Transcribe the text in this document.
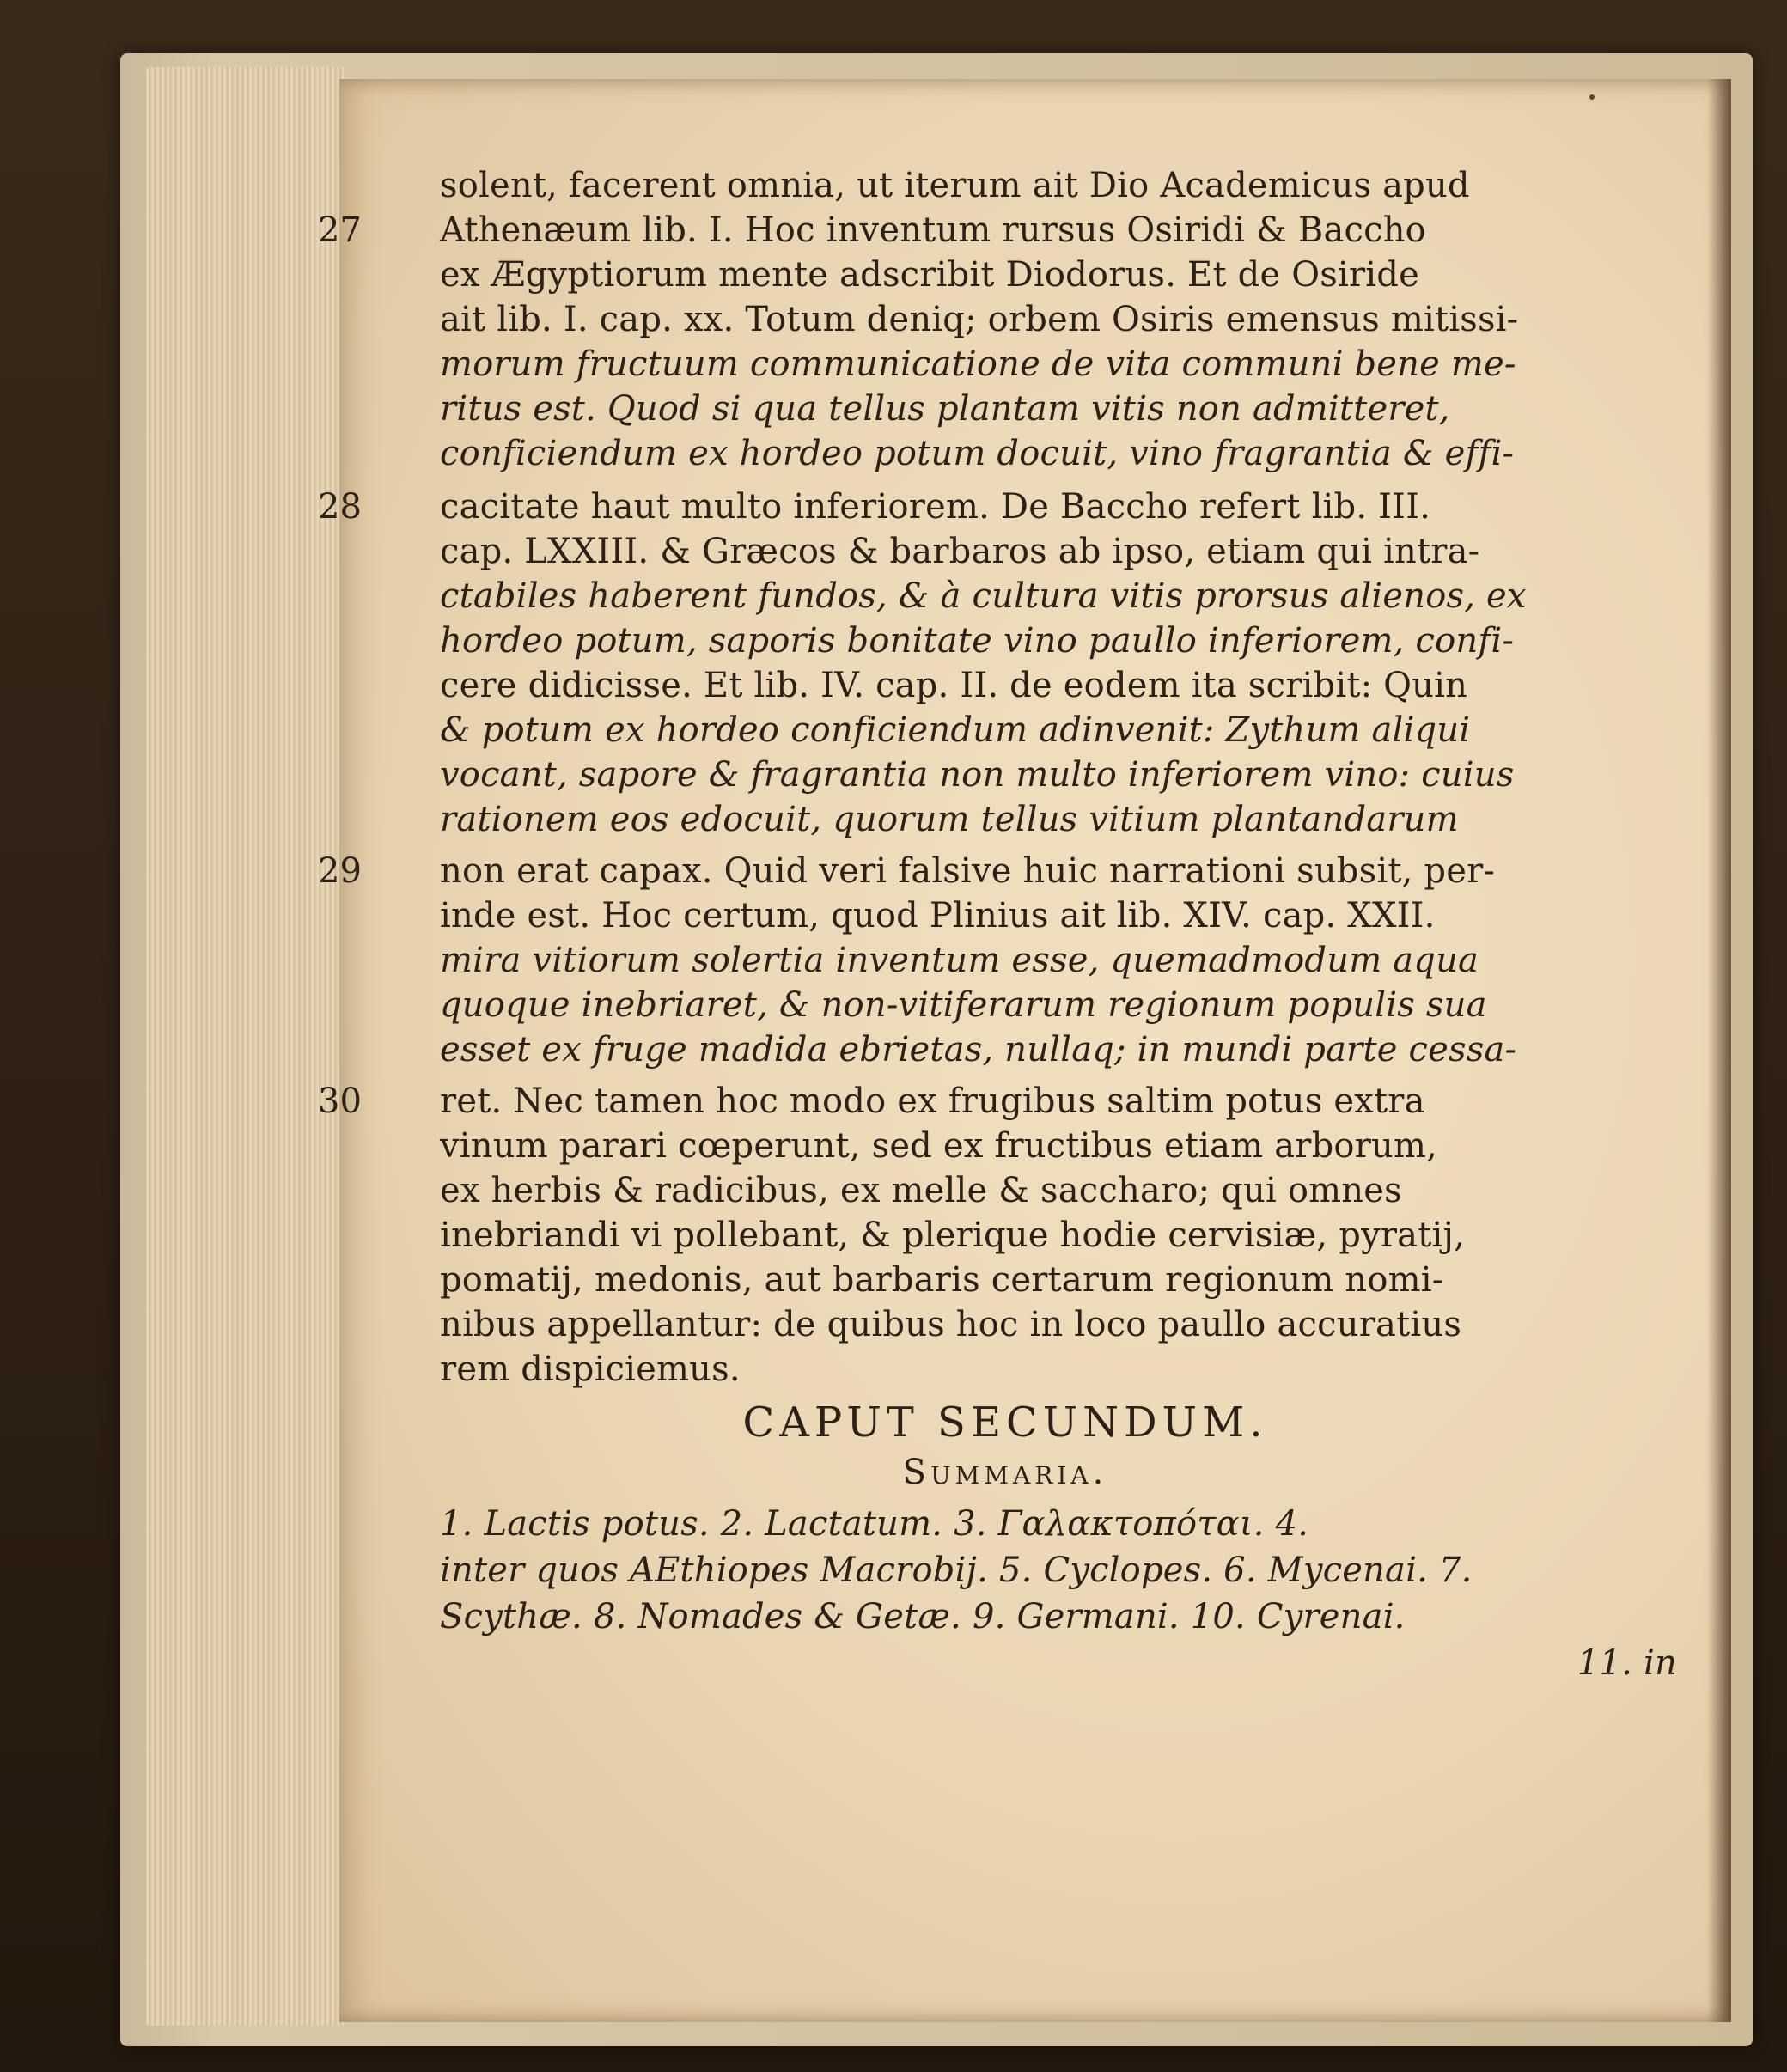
solent, facerent omnia, ut iterum ait Dio Academicus apud
27	Athenæum lib. I. Hoc inventum rursus Osiridi & Baccho
ex Ægyptiorum mente adscribit Diodorus. Et de Osiride
ait lib. I. cap. xx. Totum deniq; orbem Osiris emensus mitissi-
morum fructuum communicatione de vita communi bene me-
ritus est. Quod si qua tellus plantam vitis non admitteret,
conficiendum ex hordeo potum docuit, vino fragrantia & effi-
28	cacitate haut multo inferiorem. De Baccho refert lib. III.
cap. LXXIII. & Græcos & barbaros ab ipso, etiam qui intra-
ctabiles haberent fundos, & à cultura vitis prorsus alienos, ex
hordeo potum, saporis bonitate vino paullo inferiorem, confi-
cere didicisse. Et lib. IV. cap. II. de eodem ita scribit: Quin
& potum ex hordeo conficiendum adinvenit: Zythum aliqui
vocant, sapore & fragrantia non multo inferiorem vino: cuius
rationem eos edocuit, quorum tellus vitium plantandarum
29	non erat capax. Quid veri falsive huic narrationi subsit, per-
inde est. Hoc certum, quod Plinius ait lib. XIV. cap. XXII.
mira vitiorum solertia inventum esse, quemadmodum aqua
quoque inebriaret, & non-vitiferarum regionum populis sua
esset ex fruge madida ebrietas, nullaq; in mundi parte cessa-
30	ret. Nec tamen hoc modo ex frugibus saltim potus extra
vinum parari cœperunt, sed ex fructibus etiam arborum,
ex herbis & radicibus, ex melle & saccharo; qui omnes
inebriandi vi pollebant, & plerique hodie cervisiæ, pyratij,
pomatij, medonis, aut barbaris certarum regionum nomi-
nibus appellantur: de quibus hoc in loco paullo accuratius
rem dispiciemus.
CAPUT SECUNDUM.
Summaria.
1. Lactis potus. 2. Lactatum. 3. Γαλακτοπόται. 4.
inter quos AEthiopes Macrobij. 5. Cyclopes. 6. Mycenai. 7.
Scythæ. 8. Nomades & Getæ. 9. Germani. 10. Cyrenai.
11. in
